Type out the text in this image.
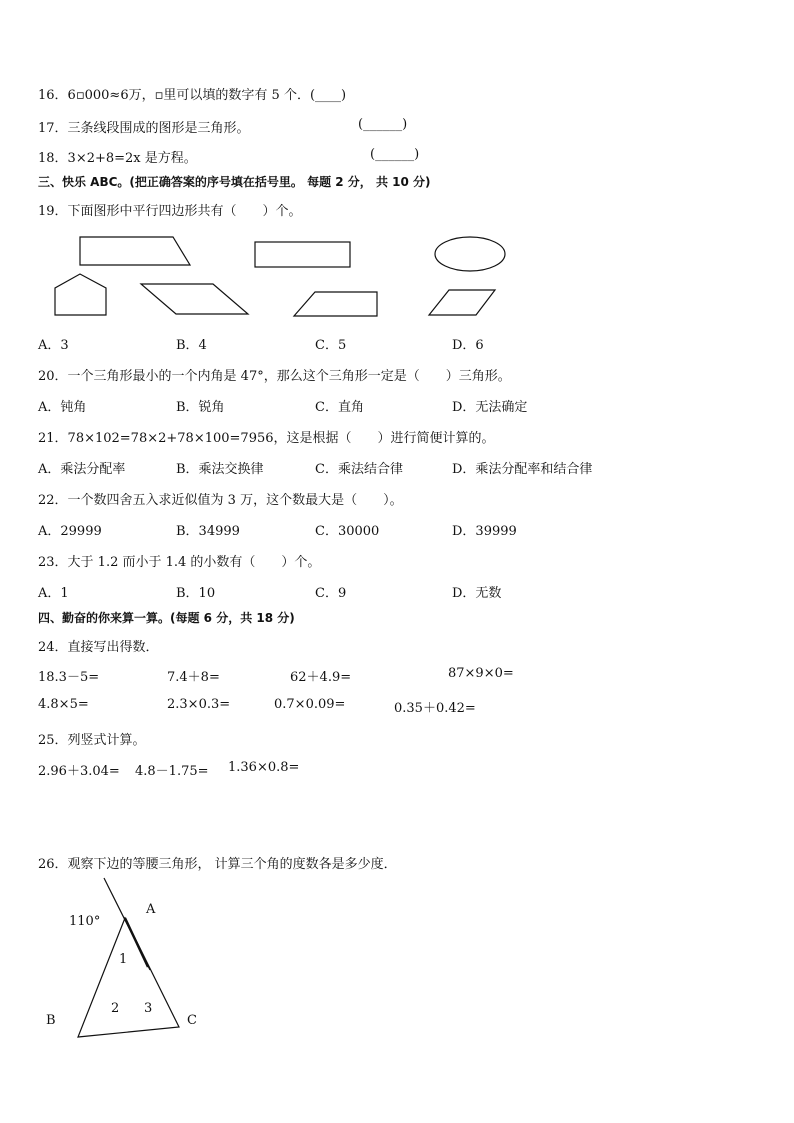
16．6▫000≈6万，▫里可以填的数字有 5 个．(____)
17．三条线段围成的图形是三角形。	(______)
18．3×2+8=2x 是方程。	(______)
三、快乐 ABC。(把正确答案的序号填在括号里。 每题 2 分， 共 10 分)
19．下面图形中平行四边形共有（　　）个。
A．3	B．4	C．5	D．6
20．一个三角形最小的一个内角是 47°，那么这个三角形一定是（　　）三角形。
A．钝角	B．锐角	C．直角	D．无法确定
21．78×102=78×2+78×100=7956，这是根据（　　）进行简便计算的。
A．乘法分配率	B．乘法交换律	C．乘法结合律	D．乘法分配率和结合律
22．一个数四舍五入求近似值为 3 万，这个数最大是（　　）。
A．29999	B．34999	C．30000	D．39999
23．大于 1.2 而小于 1.4 的小数有（　　）个。
A．1	B．10	C．9	D．无数
四、勤奋的你来算一算。(每题 6 分，共 18 分)
24．直接写出得数．
18.3－5=	7.4＋8=	62＋4.9=	87×9×0=
4.8×5=	2.3×0.3=	0.7×0.09=	0.35＋0.42=
25．列竖式计算。
2.96＋3.04= 4.8－1.75= 1.36×0.8=
26．观察下边的等腰三角形， 计算三个角的度数各是多少度．
110°
A
B	C
1
2 3
